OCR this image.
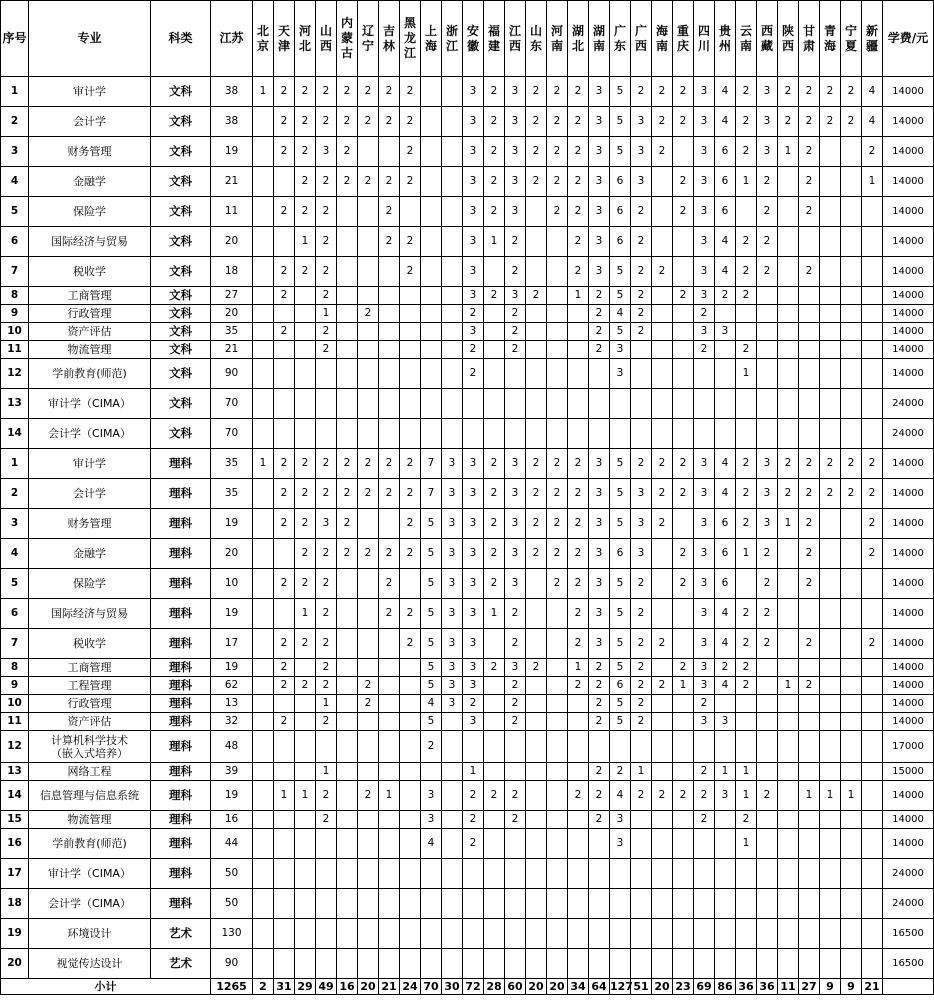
序号	专业	科类	江苏	北京	天津	河北	山西	内蒙古	辽宁	吉林	黑龙江	上海	浙江	安徽	福建	江西	山东	河南	湖北	湖南	广东	广西	海南	重庆	四川	贵州	云南	西藏	陕西	甘肃	青海	宁夏	新疆	学费/元
1	审计学	文科	38	1	2	2	2	2	2	2	2			3	2	3	2	2	2	3	5	2	2	2	3	4	2	3	2	2	2	2	4	14000
2	会计学	文科	38		2	2	2	2	2	2	2			3	2	3	2	2	2	3	5	3	2	2	3	4	2	3	2	2	2	2	4	14000
3	财务管理	文科	19		2	2	3	2			2			3	2	3	2	2	2	3	5	3	2		3	6	2	3	1	2			2	14000
4	金融学	文科	21			2	2	2	2	2	2			3	2	3	2	2	2	3	6	3		2	3	6	1	2		2			1	14000
5	保险学	文科	11		2	2	2			2				3	2	3		2	2	3	6	2		2	3	6		2		2				14000
6	国际经济与贸易	文科	20			1	2			2	2			3	1	2			2	3	6	2			3	4	2	2						14000
7	税收学	文科	18		2	2	2				2			3		2			2	3	5	2	2		3	4	2	2		2				14000
8	工商管理	文科	27		2		2							3	2	3	2		1	2	5	2		2	3	2	2							14000
9	行政管理	文科	20				1		2					2		2				2	4	2			2									14000
10	资产评估	文科	35		2		2							3		2				2	5	2			3	3								14000
11	物流管理	文科	21				2							2		2				2	3				2		2							14000
12	学前教育(师范)	文科	90											2							3						1							14000
13	审计学（CIMA）	文科	70																															24000
14	会计学（CIMA）	文科	70																															24000
1	审计学	理科	35	1	2	2	2	2	2	2	2	7	3	3	2	3	2	2	2	3	5	2	2	2	3	4	2	3	2	2	2	2	2	14000
2	会计学	理科	35		2	2	2	2	2	2	2	7	3	3	2	3	2	2	2	3	5	3	2	2	3	4	2	3	2	2	2	2	2	14000
3	财务管理	理科	19		2	2	3	2			2	5	3	3	2	3	2	2	2	3	5	3	2		3	6	2	3	1	2			2	14000
4	金融学	理科	20			2	2	2	2	2	2	5	3	3	2	3	2	2	2	3	6	3		2	3	6	1	2		2			2	14000
5	保险学	理科	10		2	2	2			2		5	3	3	2	3		2	2	3	5	2		2	3	6		2		2				14000
6	国际经济与贸易	理科	19			1	2			2	2	5	3	3	1	2			2	3	5	2			3	4	2	2						14000
7	税收学	理科	17		2	2	2				2	5	3	3		2			2	3	5	2	2		3	4	2	2		2			2	14000
8	工商管理	理科	19		2		2					5	3	3	2	3	2		1	2	5	2		2	3	2	2							14000
9	工程管理	理科	62		2	2	2		2			5	3	3		2			2	2	6	2	2	1	3	4	2		1	2				14000
10	行政管理	理科	13				1		2			4	3	2		2				2	5	2			2									14000
11	资产评估	理科	32		2		2					5		3		2				2	5	2			3	3								14000
12	计算机科学技术
（嵌入式培养）	理科	48									2																						17000
13	网络工程	理科	39				1							1						2	2	1			2	1	1							15000
14	信息管理与信息系统	理科	19		1	1	2		2	1		3		2	2	2			2	2	4	2	2	2	2	3	1	2		1	1	1		14000
15	物流管理	理科	16				2					3		2		2				2	3				2		2							14000
16	学前教育(师范)	理科	44									4		2							3						1							14000
17	审计学（CIMA）	理科	50																															24000
18	会计学（CIMA）	理科	50																															24000
19	环境设计	艺术	130																															16500
20	视觉传达设计	艺术	90																															16500
小计			1265	2	31	29	49	16	20	21	24	70	30	72	28	60	20	20	34	64	127	51	20	23	69	86	36	36	11	27	9	9	21	
